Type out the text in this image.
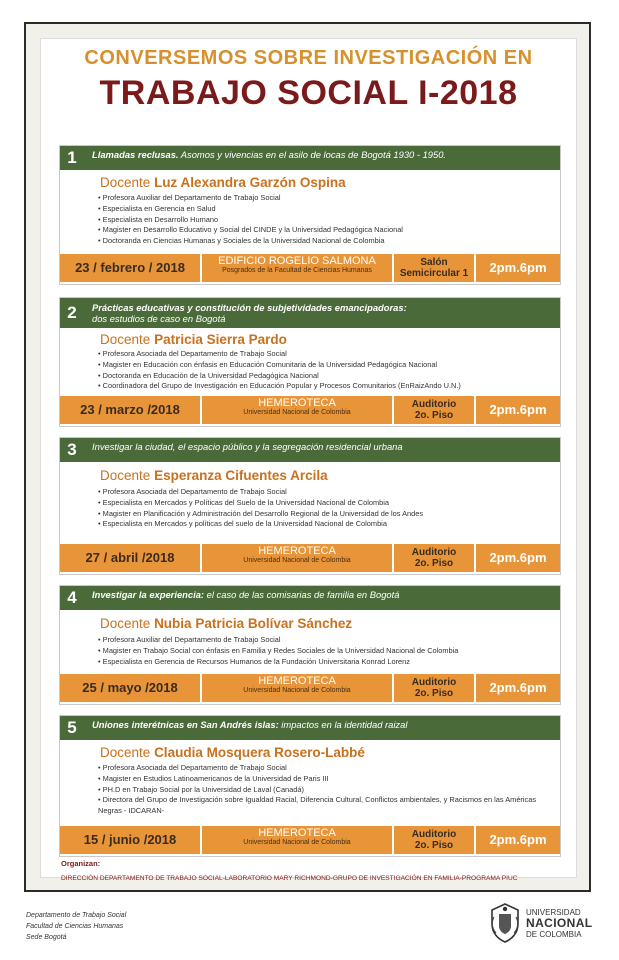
CONVERSEMOS SOBRE INVESTIGACIÓN EN
TRABAJO SOCIAL I-2018
1	Llamadas reclusas. Asomos y vivencias en el asilo de locas de Bogotá 1930 - 1950.
Docente Luz Alexandra Garzón Ospina
• Profesora Auxiliar del Departamento de Trabajo Social
• Especialista en Gerencia en Salud
• Especialista en Desarrollo Humano
• Magister en Desarrollo Educativo y Social del CINDE y la Universidad Pedagógica Nacional
• Doctoranda en Ciencias Humanas y Sociales de la Universidad Nacional de Colombia
23 / febrero / 2018	EDIFICIO ROGELIO SALMONA
Posgrados de la Facultad de Ciencias Humanas
Salón
Semicircular 1	2pm.6pm
2	Prácticas educativas y constitución de subjetividades emancipadoras:
dos estudios de caso en Bogotá
Docente Patricia Sierra Pardo
• Profesora Asociada del Departamento de Trabajo Social
• Magister en Educación con énfasis en Educación Comunitaria de la Universidad Pedagógica Nacional
• Doctoranda en Educación de la Universidad Pedagógica Nacional
• Coordinadora del Grupo de Investigación en Educación Popular y Procesos Comunitarios (EnRaizAndo U.N.)
23 / marzo /2018	HEMEROTECA
Universidad Nacional de Colombia
Auditorio
2o. Piso	2pm.6pm
3	Investigar la ciudad, el espacio público y la segregación residencial urbana
Docente Esperanza Cifuentes Arcila
• Profesora Asociada del Departamento de Trabajo Social
• Especialista en Mercados y Políticas del Suelo de la Universidad Nacional de Colombia
• Magister en Planificación y Administración del Desarrollo Regional de la Universidad de los Andes
• Especialista en Mercados y políticas del suelo de la Universidad Nacional de Colombia
27 / abril /2018	HEMEROTECA
Universidad Nacional de Colombia
Auditorio
2o. Piso	2pm.6pm
4	Investigar la experiencia: el caso de las comisarias de familia en Bogotá
Docente Nubia Patricia Bolívar Sánchez
• Profesora Auxiliar del Departamento de Trabajo Social
• Magister en Trabajo Social con énfasis en Familia y Redes Sociales de la Universidad Nacional de Colombia
• Especialista en Gerencia de Recursos Humanos de la Fundación Universitaria Konrad Lorenz
25 / mayo /2018	HEMEROTECA
Universidad Nacional de Colombia
Auditorio
2o. Piso	2pm.6pm
5	Uniones interétnicas en San Andrés islas: impactos en la identidad raizal
Docente Claudia Mosquera Rosero-Labbé
• Profesora Asociada del Departamento de Trabajo Social
• Magister en Estudios Latinoamericanos de la Universidad de Paris III
• PH.D en Trabajo Social por la Universidad de Laval (Canadá)
• Directora del Grupo de Investigación sobre Igualdad Racial, Diferencia Cultural, Conflictos ambientales, y Racismos en las Américas Negras - IDCARAN-
15 / junio /2018	HEMEROTECA
Universidad Nacional de Colombia
Auditorio
2o. Piso	2pm.6pm
Organizan:
DIRECCIÓN DEPARTAMENTO DE TRABAJO SOCIAL-LABORATORIO MARY RICHMOND-GRUPO DE INVESTIGACIÓN EN FAMILIA-PROGRAMA PIUC
Departamento de Trabajo Social
Facultad de Ciencias Humanas
Sede Bogotá
UNIVERSIDAD
NACIONAL
DE COLOMBIA
